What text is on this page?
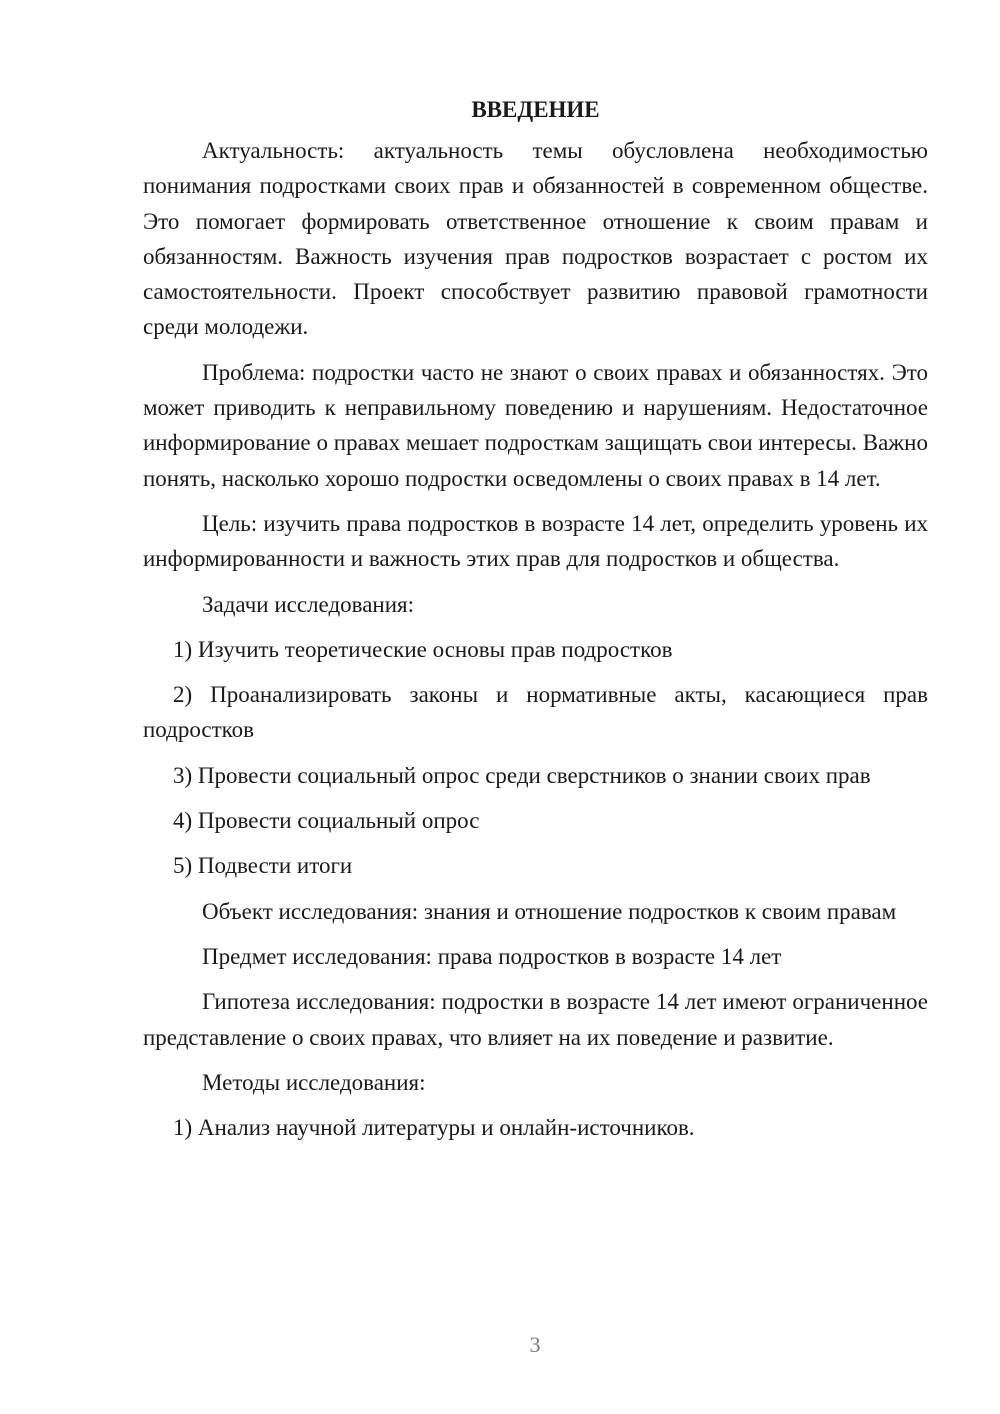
ВВЕДЕНИЕ

Актуальность: актуальность темы обусловлена необходимостью понимания подростками своих прав и обязанностей в современном обществе. Это помогает формировать ответственное отношение к своим правам и обязанностям. Важность изучения прав подростков возрастает с ростом их самостоятельности. Проект способствует развитию правовой грамотности среди молодежи.

Проблема: подростки часто не знают о своих правах и обязанностях. Это может приводить к неправильному поведению и нарушениям. Недостаточное информирование о правах мешает подросткам защищать свои интересы. Важно понять, насколько хорошо подростки осведомлены о своих правах в 14 лет.

Цель: изучить права подростков в возрасте 14 лет, определить уровень их информированности и важность этих прав для подростков и общества.

Задачи исследования:

1) Изучить теоретические основы прав подростков

2) Проанализировать законы и нормативные акты, касающиеся прав подростков

3) Провести социальный опрос среди сверстников о знании своих прав

4) Провести социальный опрос

5) Подвести итоги

Объект исследования: знания и отношение подростков к своим правам

Предмет исследования: права подростков в возрасте 14 лет

Гипотеза исследования: подростки в возрасте 14 лет имеют ограниченное представление о своих правах, что влияет на их поведение и развитие.

Методы исследования:

1) Анализ научной литературы и онлайн-источников.

3
